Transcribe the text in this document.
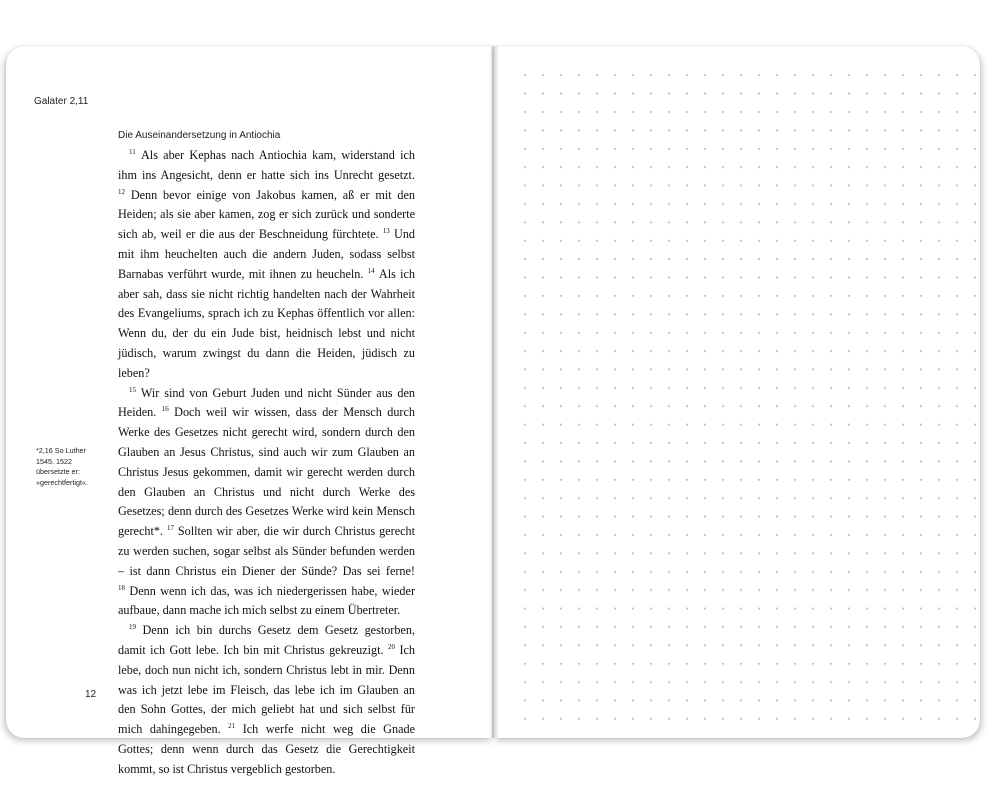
Galater 2,11
Die Auseinandersetzung in Antiochia

$^{11}$ Als aber Kephas nach Antiochia kam, widerstand ich ihm ins Angesicht, denn er hatte sich ins Unrecht gesetzt. $^{12}$ Denn bevor einige von Jakobus kamen, aß er mit den Heiden; als sie aber kamen, zog er sich zurück und sonderte sich ab, weil er die aus der Beschneidung fürchtete. $^{13}$ Und mit ihm heuchelten auch die andern Juden, sodass selbst Barnabas verführt wurde, mit ihnen zu heucheln. $^{14}$ Als ich aber sah, dass sie nicht richtig handelten nach der Wahrheit des Evangeliums, sprach ich zu Kephas öffentlich vor allen: Wenn du, der du ein Jude bist, heidnisch lebst und nicht jüdisch, warum zwingst du dann die Heiden, jüdisch zu leben?

$^{15}$ Wir sind von Geburt Juden und nicht Sünder aus den Heiden. $^{16}$ Doch weil wir wissen, dass der Mensch durch Werke des Gesetzes nicht gerecht wird, sondern durch den Glauben an Jesus Christus, sind auch wir zum Glauben an Christus Jesus gekommen, damit wir gerecht werden durch den Glauben an Christus und nicht durch Werke des Gesetzes; denn durch des Gesetzes Werke wird kein Mensch gerecht*. $^{17}$ Sollten wir aber, die wir durch Christus gerecht zu werden suchen, sogar selbst als Sünder befunden werden – ist dann Christus ein Diener der Sünde? Das sei ferne! $^{18}$ Denn wenn ich das, was ich niedergerissen habe, wieder aufbaue, dann mache ich mich selbst zu einem Übertreter.

$^{19}$ Denn ich bin durchs Gesetz dem Gesetz gestorben, damit ich Gott lebe. Ich bin mit Christus gekreuzigt. $^{20}$ Ich lebe, doch nun nicht ich, sondern Christus lebt in mir. Denn was ich jetzt lebe im Fleisch, das lebe ich im Glauben an den Sohn Gottes, der mich geliebt hat und sich selbst für mich dahingegeben. $^{21}$ Ich werfe nicht weg die Gnade Gottes; denn wenn durch das Gesetz die Gerechtigkeit kommt, so ist Christus vergeblich gestorben.

*2,16 So Luther 1545. 1522 übersetzte er: »gerechtfertigt«.
12
